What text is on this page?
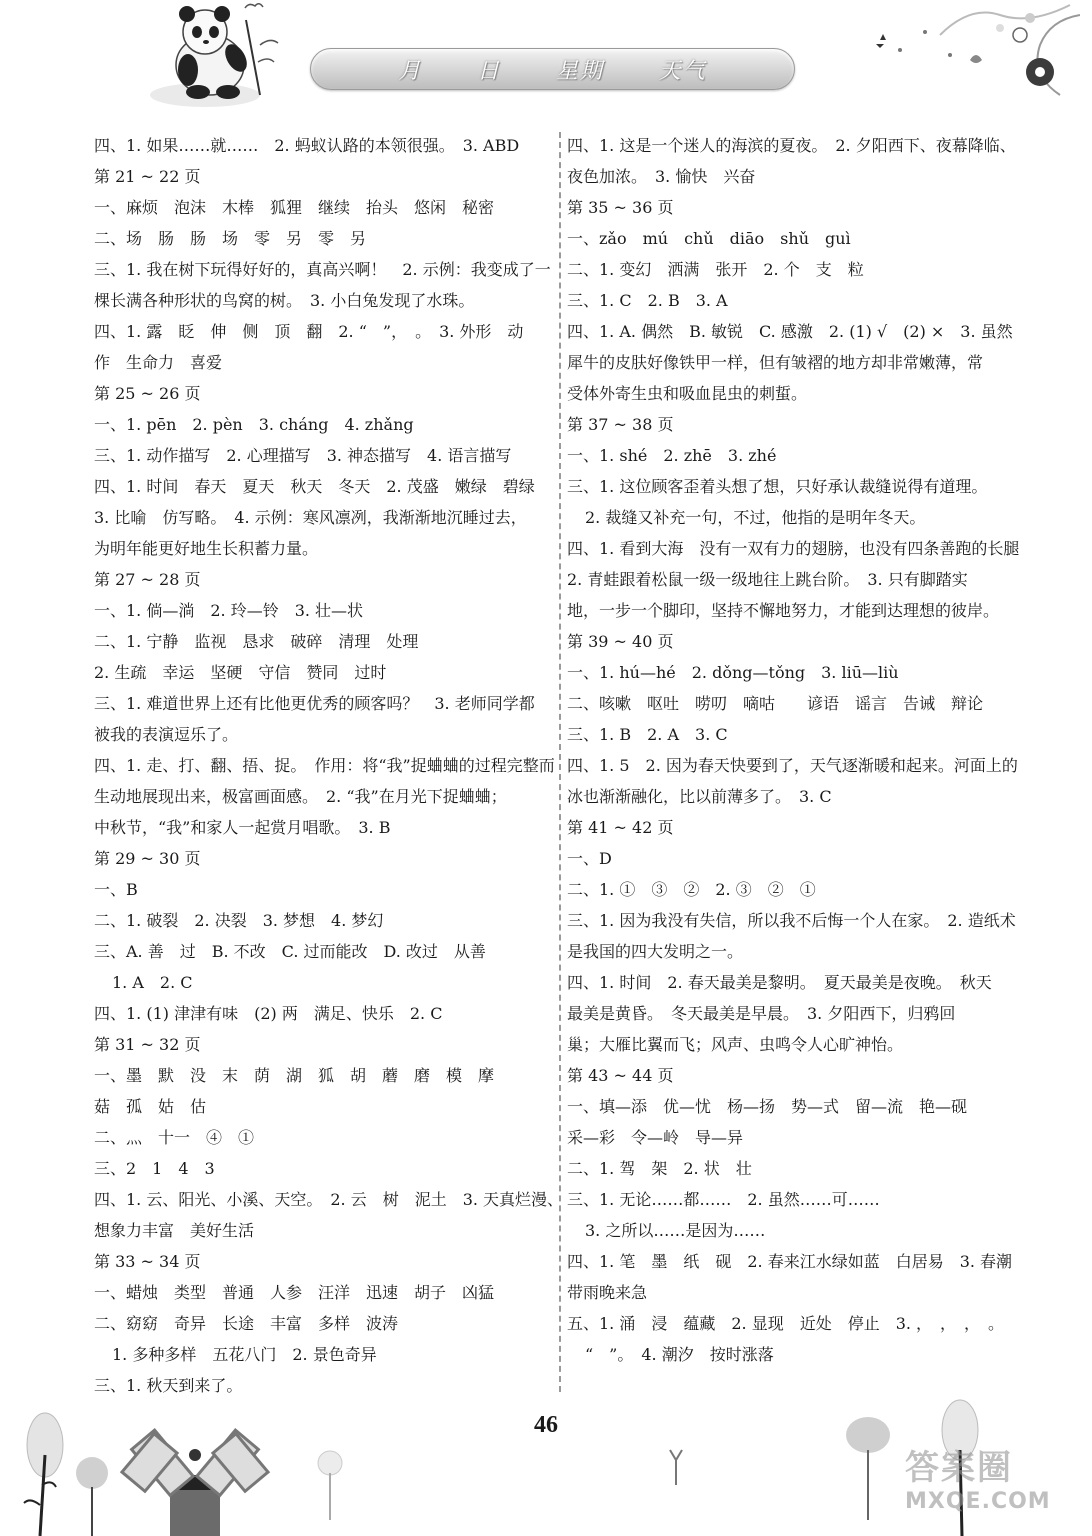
月 日 星期 天气
四、1. 如果……就……　2. 蚂蚁认路的本领很强。　3. ABD
第 21 ~ 22 页
一、麻烦　泡沫　木棒　狐狸　继续　抬头　悠闲　秘密
二、场　肠　肠　场　零　另　零　另
三、1. 我在树下玩得好好的，真高兴啊！　2. 示例：我变成了一
棵长满各种形状的鸟窝的树。　3. 小白兔发现了水珠。
四、1. 露　眨　伸　侧　顶　翻　2. “　”，　。　3. 外形　动
作　生命力　喜爱
第 25 ~ 26 页
一、1. pēn　2. pèn　3. cháng　4. zhǎng
三、1. 动作描写　2. 心理描写　3. 神态描写　4. 语言描写
四、1. 时间　春天　夏天　秋天　冬天　2. 茂盛　嫩绿　碧绿
3. 比喻　仿写略。　4. 示例：寒风凛冽，我渐渐地沉睡过去，
为明年能更好地生长积蓄力量。
第 27 ~ 28 页
一、1. 倘—淌　2. 玲—铃　3. 壮—状
二、1. 宁静　监视　恳求　破碎　清理　处理
2. 生疏　幸运　坚硬　守信　赞同　过时
三、1. 难道世界上还有比他更优秀的顾客吗？　3. 老师同学都
被我的表演逗乐了。
四、1. 走、打、翻、捂、捉。　作用：将“我”捉蛐蛐的过程完整而
生动地展现出来，极富画面感。　2. “我”在月光下捉蛐蛐；
中秋节，“我”和家人一起赏月唱歌。　3. B
第 29 ~ 30 页
一、B
二、1. 破裂　2. 决裂　3. 梦想　4. 梦幻
三、A. 善　过　B. 不改　C. 过而能改　D. 改过　从善
1. A　2. C
四、1. (1) 津津有味　(2) 两　满足、快乐　2. C
第 31 ~ 32 页
一、墨　默　没　末　荫　湖　狐　胡　蘑　磨　模　摩
菇　孤　姑　估
二、灬　十一　④　①
三、2　1　4　3
四、1. 云、阳光、小溪、天空。　2. 云　树　泥土　3. 天真烂漫、
想象力丰富　美好生活
第 33 ~ 34 页
一、蜡烛　类型　普通　人参　汪洋　迅速　胡子　凶猛
二、窈窈　奇异　长途　丰富　多样　波涛
1. 多种多样　五花八门　2. 景色奇异
三、1. 秋天到来了。
四、1. 这是一个迷人的海滨的夏夜。　2. 夕阳西下、夜幕降临、
夜色加浓。　3. 愉快　兴奋
第 35 ~ 36 页
一、zǎo　mú　chǔ　diāo　shǔ　guì
二、1. 变幻　洒满　张开　2. 个　支　粒
三、1. C　2. B　3. A
四、1. A. 偶然　B. 敏锐　C. 感激　2. (1) √　(2) ×　3. 虽然
犀牛的皮肤好像铁甲一样，但有皱褶的地方却非常嫩薄，常
受体外寄生虫和吸血昆虫的刺蜇。
第 37 ~ 38 页
一、1. shé　2. zhē　3. zhé
三、1. 这位顾客歪着头想了想，只好承认裁缝说得有道理。
2. 裁缝又补充一句，不过，他指的是明年冬天。
四、1. 看到大海　没有一双有力的翅膀，也没有四条善跑的长腿
2. 青蛙跟着松鼠一级一级地往上跳台阶。　3. 只有脚踏实
地，一步一个脚印，坚持不懈地努力，才能到达理想的彼岸。
第 39 ~ 40 页
一、1. hú—hé　2. dǒng—tǒng　3. liū—liù
二、咳嗽　呕吐　唠叨　嘀咕　　谚语　谣言　告诫　辩论
三、1. B　2. A　3. C
四、1. 5　2. 因为春天快要到了，天气逐渐暖和起来。河面上的
冰也渐渐融化，比以前薄多了。　3. C
第 41 ~ 42 页
一、D
二、1. ①　③　②　2. ③　②　①
三、1. 因为我没有失信，所以我不后悔一个人在家。　2. 造纸术
是我国的四大发明之一。
四、1. 时间　2. 春天最美是黎明。　夏天最美是夜晚。　秋天
最美是黄昏。　冬天最美是早晨。　3. 夕阳西下，归鸦回
巢；大雁比翼而飞；风声、虫鸣令人心旷神怡。
第 43 ~ 44 页
一、填—添　优—忧　杨—扬　势—式　留—流　艳—砚
采—彩　令—岭　导—异
二、1. 驾　架　2. 状　壮
三、1. 无论……都……　2. 虽然……可……
3. 之所以……是因为……
四、1. 笔　墨　纸　砚　2. 春来江水绿如蓝　白居易　3. 春潮
带雨晚来急
五、1. 涌　浸　蕴藏　2. 显现　近处　停止　3. ，　，　，　。
“　”。　4. 潮汐　按时涨落
46
答案圈
MXQE.COM
